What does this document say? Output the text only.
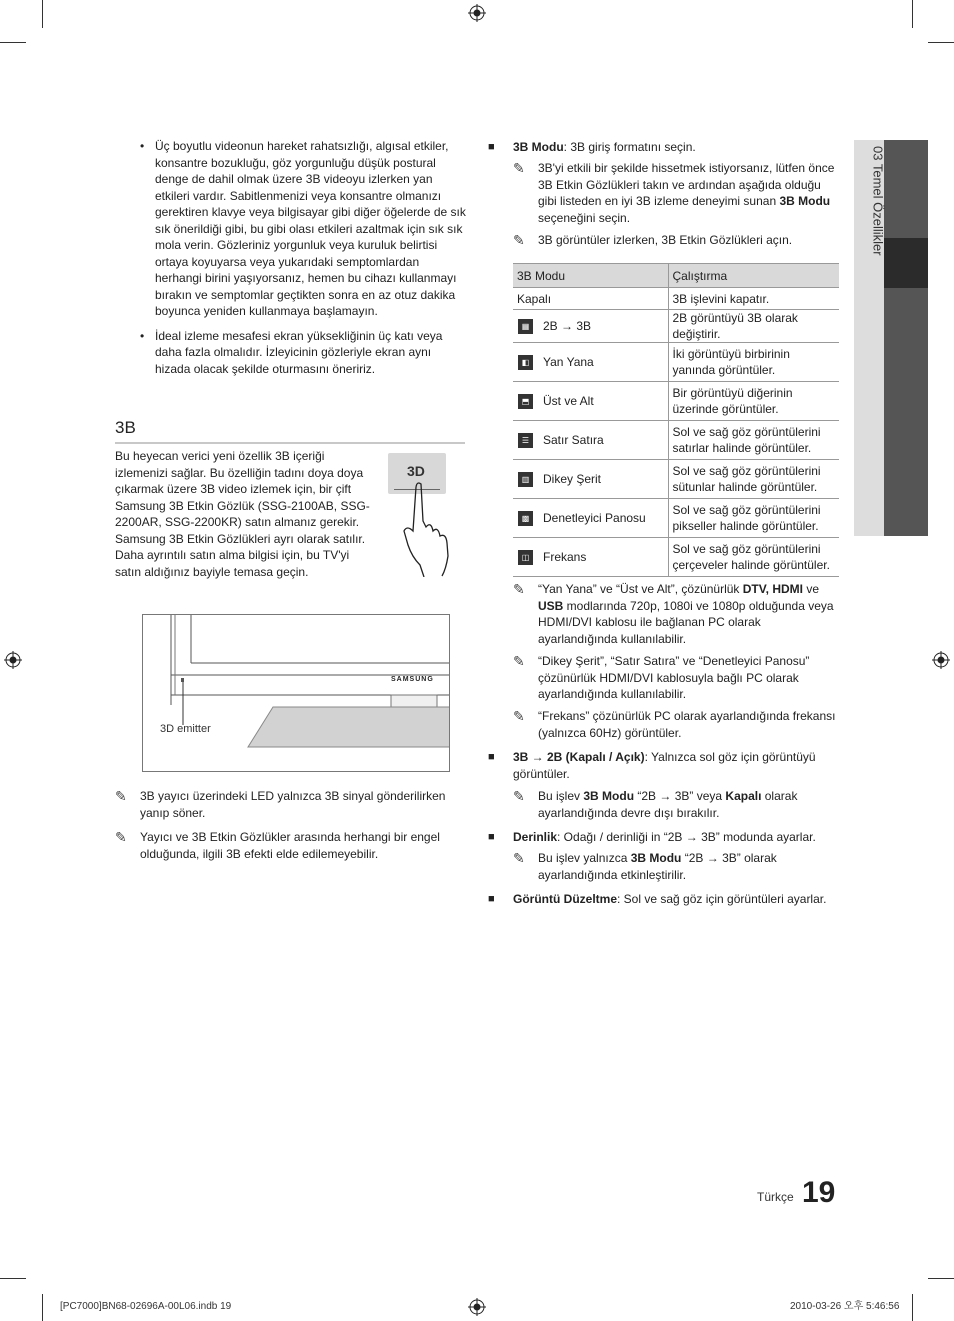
• Üç boyutlu videonun hareket rahatsızlığı, algısal etkiler, konsantre bozukluğu, göz yorgunluğu düşük postural denge de dahil olmak üzere 3B videoyu izlerken yan etkileri vardır. Sabitlenmenizi veya konsantre olmanızı gerektiren klavye veya bilgisayar gibi diğer öğelerde de sık sık önerildiği gibi, bu gibi olası etkileri azaltmak için sık sık mola verin. Gözleriniz yorgunluk veya kuruluk belirtisi ortaya koyuyarsa veya yukarıdaki semptomlardan herhangi birini yaşıyorsanız, hemen bu cihazı kullanmayı bırakın ve semptomlar geçtikten sonra en az otuz dakika boyunca yeniden kullanmaya başlamayın.
• İdeal izleme mesafesi ekran yüksekliğinin üç katı veya daha fazla olmalıdır. İzleyicinin gözleriyle ekran aynı hizada olacak şekilde oturmasını öneririz.
3B

Bu heyecan verici yeni özellik 3B içeriği izlemenizi sağlar. Bu özelliğin tadını doya doya çıkarmak üzere 3B video izlemek için, bir çift Samsung 3B Etkin Gözlük (SSG-2100AB, SSG-2200AR, SSG-2200KR) satın almanız gerekir.

Samsung 3B Etkin Gözlükleri ayrı olarak satılır. Daha ayrıntılı satın alma bilgisi için, bu TV'yi satın aldığınız bayiyle temasa geçin.

3D
SAMSUNG
3D emitter
✎ 3B yayıcı üzerindeki LED yalnızca 3B sinyal gönderilirken yanıp söner.
✎ Yayıcı ve 3B Etkin Gözlükler arasında herhangi bir engel olduğunda, ilgili 3B efekti elde edilemeyebilir.
■	3B Modu: 3B giriş formatını seçin.
✎ 3B'yi etkili bir şekilde hissetmek istiyorsanız, lütfen önce 3B Etkin Gözlükleri takın ve ardından aşağıda olduğu gibi listeden en iyi 3B izleme deneyimi sunan 3B Modu seçeneğini seçin.
✎ 3B görüntüler izlerken, 3B Etkin Gözlükleri açın.
3B Modu		Çalıştırma
Kapalı		3B işlevini kapatır.
▦	2B → 3B	2B görüntüyü 3B olarak değiştirir.
◧	Yan Yana	İki görüntüyü birbirinin yanında görüntüler.
⬒	Üst ve Alt	Bir görüntüyü diğerinin üzerinde görüntüler.
☰	Satır Satıra	Sol ve sağ göz görüntülerini satırlar halinde görüntüler.
▥	Dikey Şerit	Sol ve sağ göz görüntülerini sütunlar halinde görüntüler.
▩	Denetleyici Panosu	Sol ve sağ göz görüntülerini pikseller halinde görüntüler.
◫	Frekans	Sol ve sağ göz görüntülerini çerçeveler halinde görüntüler.
✎ “Yan Yana” ve “Üst ve Alt”, çözünürlük DTV, HDMI ve USB modlarında 720p, 1080i ve 1080p olduğunda veya HDMI/DVI kablosu ile bağlanan PC olarak ayarlandığında kullanılabilir.
✎ “Dikey Şerit”, “Satır Satıra” ve “Denetleyici Panosu” çözünürlük HDMI/DVI kablosuyla bağlı PC olarak ayarlandığında kullanılabilir.
✎ “Frekans” çözünürlük PC olarak ayarlandığında frekansı (yalnızca 60Hz) görüntüler.
■	3B → 2B (Kapalı / Açık): Yalnızca sol göz için görüntüyü görüntüler.
✎ Bu işlev 3B Modu “2B → 3B” veya Kapalı olarak ayarlandığında devre dışı bırakılır.
■	Derinlik: Odağı / derinliği in “2B → 3B” modunda ayarlar.
✎ Bu işlev yalnızca 3B Modu “2B → 3B” olarak ayarlandığında etkinleştirilir.
■	Görüntü Düzeltme: Sol ve sağ göz için görüntüleri ayarlar.
03 Temel Özellikler
Türkçe 19
[PC7000]BN68-02696A-00L06.indb 19	2010-03-26 오후 5:46:56
